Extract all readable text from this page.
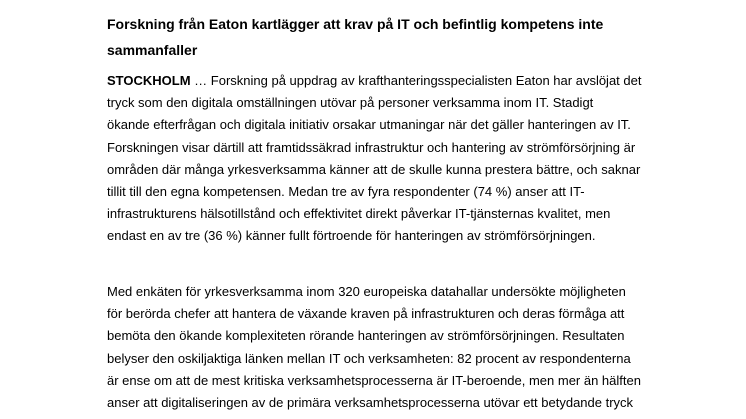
Forskning från Eaton kartlägger att krav på IT och befintlig kompetens inte
sammanfaller

STOCKHOLM … Forskning på uppdrag av krafthanteringsspecialisten Eaton har avslöjat det
tryck som den digitala omställningen utövar på personer verksamma inom IT. Stadigt
ökande efterfrågan och digitala initiativ orsakar utmaningar när det gäller hanteringen av IT.
Forskningen visar därtill att framtidssäkrad infrastruktur och hantering av strömförsörjning är
områden där många yrkesverksamma känner att de skulle kunna prestera bättre, och saknar
tillit till den egna kompetensen. Medan tre av fyra respondenter (74 %) anser att IT-
infrastrukturens hälsotillstånd och effektivitet direkt påverkar IT-tjänsternas kvalitet, men
endast en av tre (36 %) känner fullt förtroende för hanteringen av strömförsörjningen.

Med enkäten för yrkesverksamma inom 320 europeiska datahallar undersökte möjligheten
för berörda chefer att hantera de växande kraven på infrastrukturen och deras förmåga att
bemöta den ökande komplexiteten rörande hanteringen av strömförsörjningen. Resultaten
belyser den oskiljaktiga länken mellan IT och verksamheten: 82 procent av respondenterna
är ense om att de mest kritiska verksamhetsprocesserna är IT-beroende, men mer än hälften
anser att digitaliseringen av de primära verksamhetsprocesserna utövar ett betydande tryck
